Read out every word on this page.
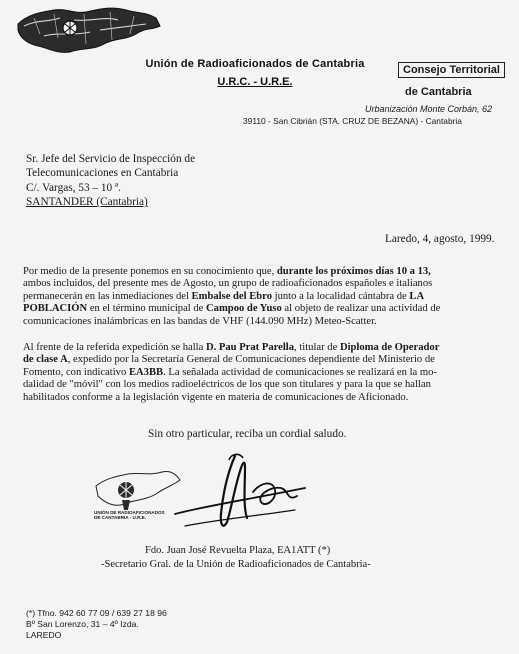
Unión de Radioaficionados de Cantabria
U.R.C. - U.R.E.
Consejo Territorial
de Cantabria
Urbanización Monte Corbán, 62
39110 - San Cibrián (STA. CRUZ DE BEZANA) - Cantabria
Sr. Jefe del Servicio de Inspección de
Telecomunicaciones en Cantabria
C/. Vargas, 53 – 10 ª.
SANTANDER (Cantabria)
Laredo, 4, agosto, 1999.
Por medio de la presente ponemos en su conocimiento que, durante los próximos días 10 a 13,
ambos incluidos, del presente mes de Agosto, un grupo de radioaficionados españoles e italianos
permanecerán en las inmediaciones del Embalse del Ebro junto a la localidad cántabra de LA
POBLACIÓN en el término municipal de Campoo de Yuso al objeto de realizar una actividad de
comunicaciones inalámbricas en las bandas de VHF (144.090 MHz) Meteo-Scatter.
Al frente de la referida expedición se halla D. Pau Prat Parella, titular de Diploma de Operador
de clase A, expedido por la Secretaría General de Comunicaciones dependiente del Ministerio de
Fomento, con indicativo EA3BB. La señalada actividad de comunicaciones se realizará en la mo-
dalidad de "móvil" con los medios radioeléctricos de los que son titulares y para la que se hallan
habilitados conforme a la legislación vigente en materia de comunicaciones de Aficionado.
Sin otro particular, reciba un cordial saludo.
UNIÓN DE RADIOAFICIONADOS
DE CANTABRIA - U.R.E.
Fdo. Juan José Revuelta Plaza, EA1ATT (*)
-Secretario Gral. de la Unión de Radioaficionados de Cantabria-
(*) Tfno. 942 60 77 09 / 639 27 18 96
Bº San Lorenzo, 31 – 4º Izda.
LAREDO
